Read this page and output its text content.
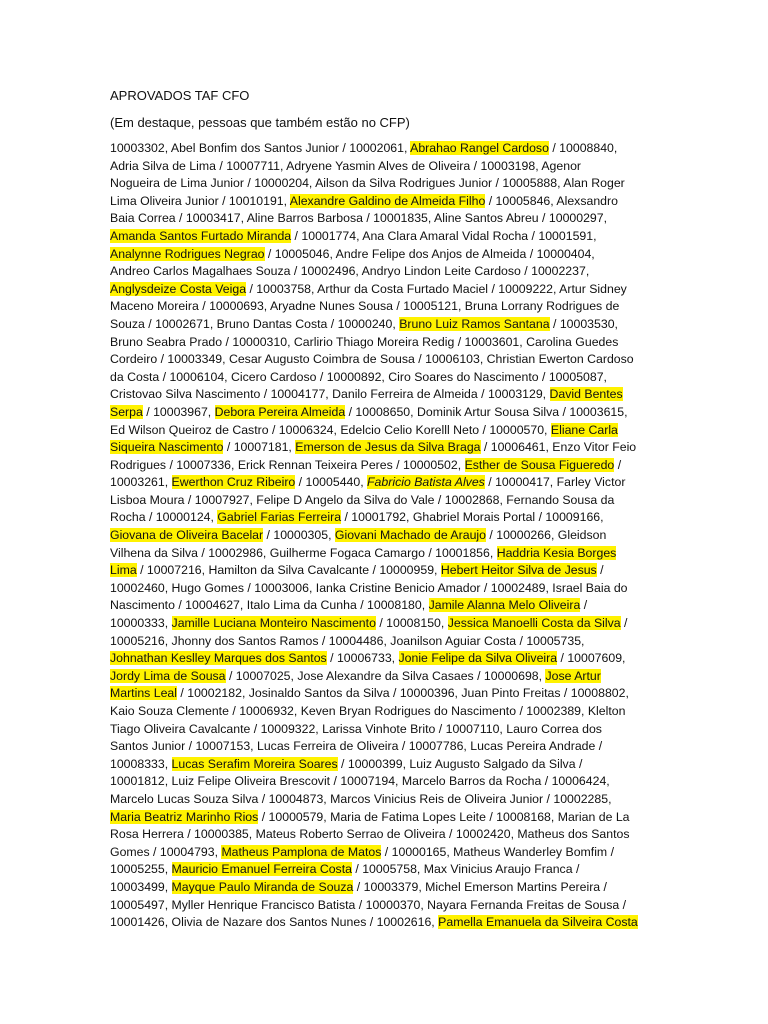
APROVADOS TAF CFO

(Em destaque, pessoas que também estão no CFP)

10003302, Abel Bonfim dos Santos Junior / 10002061, Abrahao Rangel Cardoso / 10008840,
Adria Silva de Lima / 10007711, Adryene Yasmin Alves de Oliveira / 10003198, Agenor
Nogueira de Lima Junior / 10000204, Ailson da Silva Rodrigues Junior / 10005888, Alan Roger
Lima Oliveira Junior / 10010191, Alexandre Galdino de Almeida Filho / 10005846, Alexsandro
Baia Correa / 10003417, Aline Barros Barbosa / 10001835, Aline Santos Abreu / 10000297,
Amanda Santos Furtado Miranda / 10001774, Ana Clara Amaral Vidal Rocha / 10001591,
Analynne Rodrigues Negrao / 10005046, Andre Felipe dos Anjos de Almeida / 10000404,
Andreo Carlos Magalhaes Souza / 10002496, Andryo Lindon Leite Cardoso / 10002237,
Anglysdeize Costa Veiga / 10003758, Arthur da Costa Furtado Maciel / 10009222, Artur Sidney
Maceno Moreira / 10000693, Aryadne Nunes Sousa / 10005121, Bruna Lorrany Rodrigues de
Souza / 10002671, Bruno Dantas Costa / 10000240, Bruno Luiz Ramos Santana / 10003530,
Bruno Seabra Prado / 10000310, Carlirio Thiago Moreira Redig / 10003601, Carolina Guedes
Cordeiro / 10003349, Cesar Augusto Coimbra de Sousa / 10006103, Christian Ewerton Cardoso
da Costa / 10006104, Cicero Cardoso / 10000892, Ciro Soares do Nascimento / 10005087,
Cristovao Silva Nascimento / 10004177, Danilo Ferreira de Almeida / 10003129, David Bentes
Serpa / 10003967, Debora Pereira Almeida / 10008650, Dominik Artur Sousa Silva / 10003615,
Ed Wilson Queiroz de Castro / 10006324, Edelcio Celio Korelll Neto / 10000570, Eliane Carla
Siqueira Nascimento / 10007181, Emerson de Jesus da Silva Braga / 10006461, Enzo Vitor Feio
Rodrigues / 10007336, Erick Rennan Teixeira Peres / 10000502, Esther de Sousa Figueredo /
10003261, Ewerthon Cruz Ribeiro / 10005440, Fabricio Batista Alves / 10000417, Farley Victor
Lisboa Moura / 10007927, Felipe D Angelo da Silva do Vale / 10002868, Fernando Sousa da
Rocha / 10000124, Gabriel Farias Ferreira / 10001792, Ghabriel Morais Portal / 10009166,
Giovana de Oliveira Bacelar / 10000305, Giovani Machado de Araujo / 10000266, Gleidson
Vilhena da Silva / 10002986, Guilherme Fogaca Camargo / 10001856, Haddria Kesia Borges
Lima / 10007216, Hamilton da Silva Cavalcante / 10000959, Hebert Heitor Silva de Jesus /
10002460, Hugo Gomes / 10003006, Ianka Cristine Benicio Amador / 10002489, Israel Baia do
Nascimento / 10004627, Italo Lima da Cunha / 10008180, Jamile Alanna Melo Oliveira /
10000333, Jamille Luciana Monteiro Nascimento / 10008150, Jessica Manoelli Costa da Silva /
10005216, Jhonny dos Santos Ramos / 10004486, Joanilson Aguiar Costa / 10005735,
Johnathan Keslley Marques dos Santos / 10006733, Jonie Felipe da Silva Oliveira / 10007609,
Jordy Lima de Sousa / 10007025, Jose Alexandre da Silva Casaes / 10000698, Jose Artur
Martins Leal / 10002182, Josinaldo Santos da Silva / 10000396, Juan Pinto Freitas / 10008802,
Kaio Souza Clemente / 10006932, Keven Bryan Rodrigues do Nascimento / 10002389, Klelton
Tiago Oliveira Cavalcante / 10009322, Larissa Vinhote Brito / 10007110, Lauro Correa dos
Santos Junior / 10007153, Lucas Ferreira de Oliveira / 10007786, Lucas Pereira Andrade /
10008333, Lucas Serafim Moreira Soares / 10000399, Luiz Augusto Salgado da Silva /
10001812, Luiz Felipe Oliveira Brescovit / 10007194, Marcelo Barros da Rocha / 10006424,
Marcelo Lucas Souza Silva / 10004873, Marcos Vinicius Reis de Oliveira Junior / 10002285,
Maria Beatriz Marinho Rios / 10000579, Maria de Fatima Lopes Leite / 10008168, Marian de La
Rosa Herrera / 10000385, Mateus Roberto Serrao de Oliveira / 10002420, Matheus dos Santos
Gomes / 10004793, Matheus Pamplona de Matos / 10000165, Matheus Wanderley Bomfim /
10005255, Mauricio Emanuel Ferreira Costa / 10005758, Max Vinicius Araujo Franca /
10003499, Mayque Paulo Miranda de Souza / 10003379, Michel Emerson Martins Pereira /
10005497, Myller Henrique Francisco Batista / 10000370, Nayara Fernanda Freitas de Sousa /
10001426, Olivia de Nazare dos Santos Nunes / 10002616, Pamella Emanuela da Silveira Costa
